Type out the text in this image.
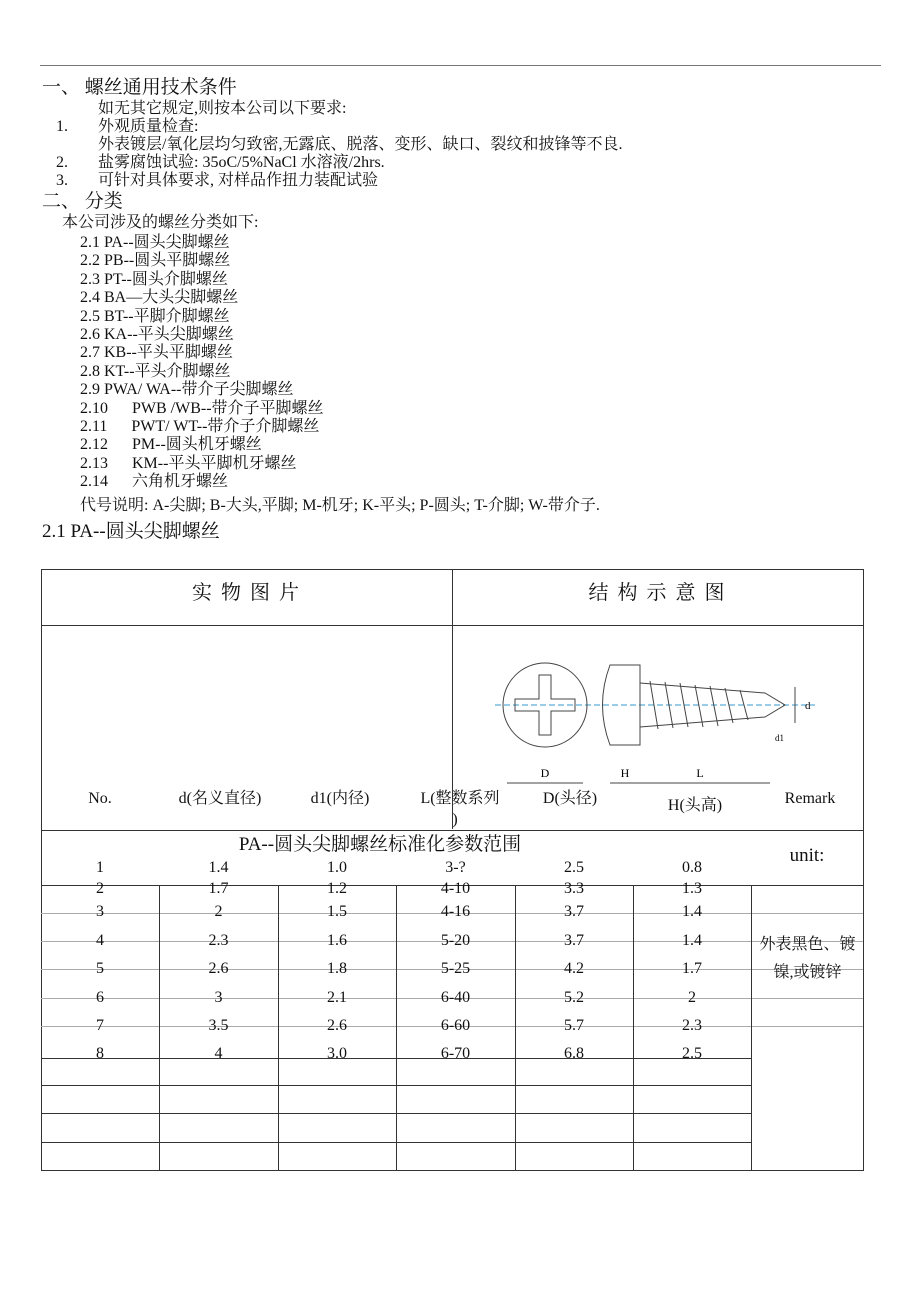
一、 螺丝通用技术条件
如无其它规定,则按本公司以下要求:
1. 外观质量检查:
外表镀层/氧化层均匀致密,无露底、脱落、变形、缺口、裂纹和披锋等不良.
2. 盐雾腐蚀试验: 35oC/5%NaCl 水溶液/2hrs.
3. 可针对具体要求, 对样品作扭力装配试验
二、 分类
本公司涉及的螺丝分类如下:
2.1 PA--圆头尖脚螺丝
2.2 PB--圆头平脚螺丝
2.3 PT--圆头介脚螺丝
2.4 BA—大头尖脚螺丝
2.5 BT--平脚介脚螺丝
2.6 KA--平头尖脚螺丝
2.7 KB--平头平脚螺丝
2.8 KT--平头介脚螺丝
2.9 PWA/ WA--带介子尖脚螺丝
2.10      PWB /WB--带介子平脚螺丝
2.11      PWT/ WT--带介子介脚螺丝
2.12      PM--圆头机牙螺丝
2.13      KM--平头平脚机牙螺丝
2.14      六角机牙螺丝
代号说明: A-尖脚; B-大头,平脚; M-机牙; K-平头; P-圆头; T-介脚; W-带介子.
2.1 PA--圆头尖脚螺丝
实 物 图 片	结 构 示 意 图
D	H	L
d
d1
No.	d(名义直径)	d1(内径)	L(整数系列	D(头径)	H(头高)	Remark
)
PA--圆头尖脚螺丝标准化参数范围
unit:
1	1.4	1.0	3-?	2.5	0.8
2	1.7	1.2	4-10	3.3	1.3
3	2	1.5	4-16	3.7	1.4
4	2.3	1.6	5-20	3.7	1.4
5	2.6	1.8	5-25	4.2	1.7
6	3	2.1	6-40	5.2	2
7	3.5	2.6	6-60	5.7	2.3
8	4	3.0	6-70	6.8	2.5
外表黑色、镀镍,或镀锌
